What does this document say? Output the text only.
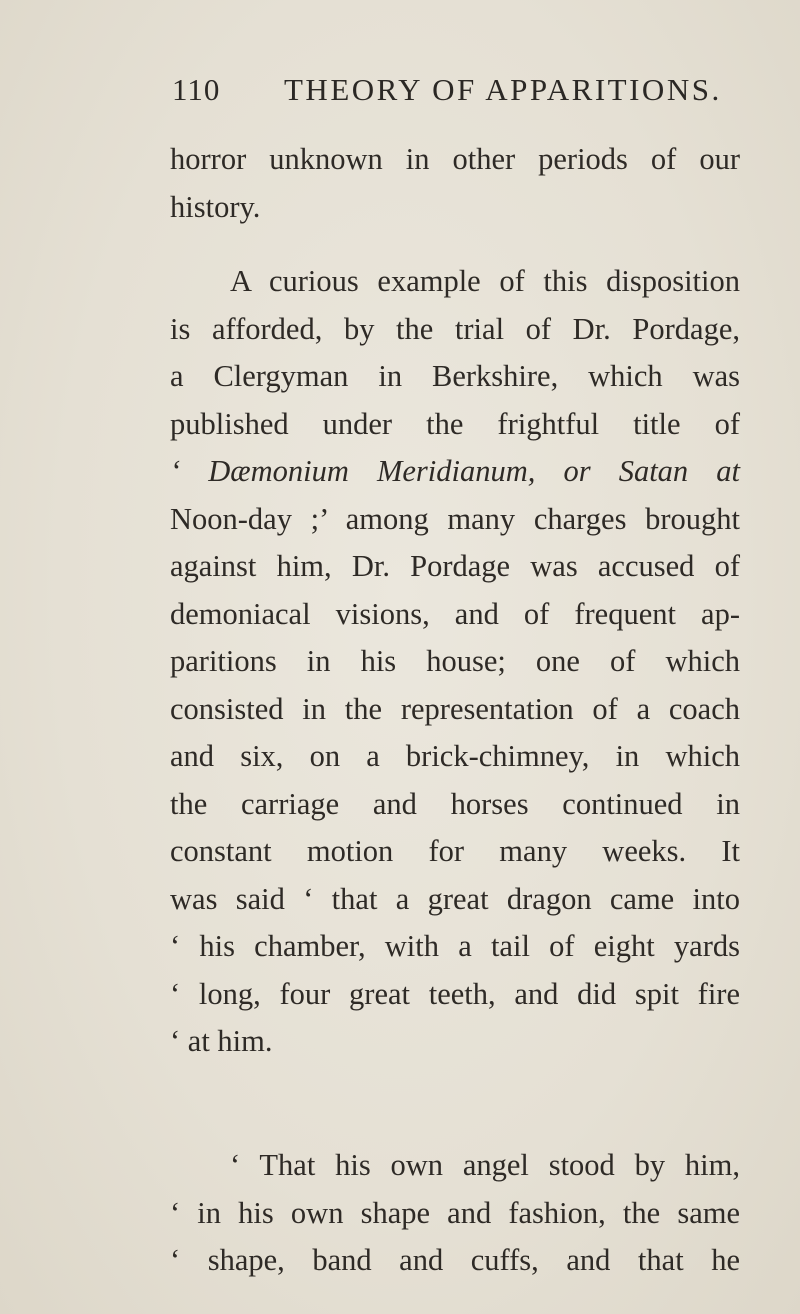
110 THEORY OF APPARITIONS.
horror unknown in other periods of our
history.
A curious example of this disposition
is afforded, by the trial of Dr. Pordage,
a Clergyman in Berkshire, which was
published under the frightful title of
‘ Dæmonium Meridianum, or Satan at
Noon-day ;’ among many charges brought
against him, Dr. Pordage was accused of
demoniacal visions, and of frequent ap-
paritions in his house; one of which
consisted in the representation of a coach
and six, on a brick-chimney, in which
the carriage and horses continued in
constant motion for many weeks. It
was said ‘ that a great dragon came into
‘ his chamber, with a tail of eight yards
‘ long, four great teeth, and did spit fire
‘ at him.
‘ That his own angel stood by him,
‘ in his own shape and fashion, the same
‘ shape, band and cuffs, and that he
